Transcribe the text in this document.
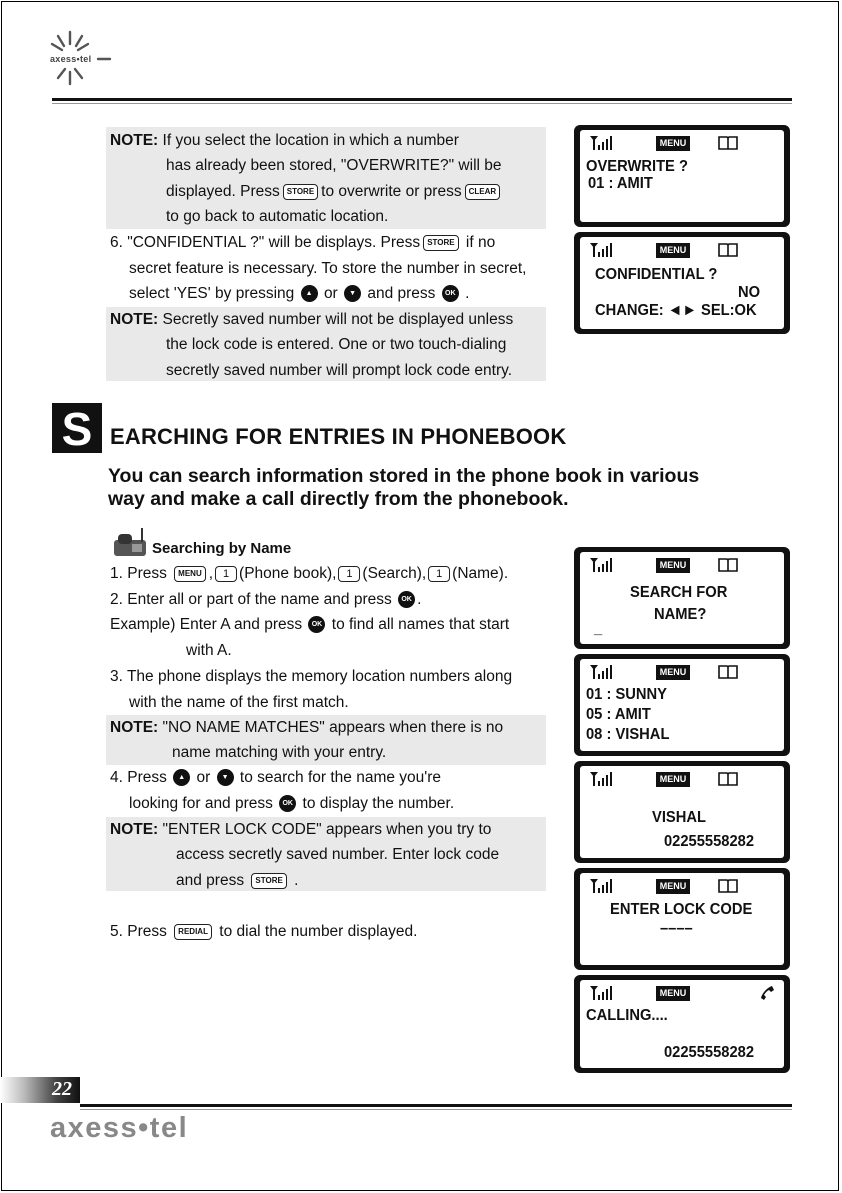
axess•tel
NOTE: If you select the location in which a number
has already been stored, "OVERWRITE?" will be
displayed. Press STORE to overwrite or press CLEAR
to go back to automatic location.
6. "CONFIDENTIAL ?" will be displays. Press STORE if no
secret feature is necessary. To store the number in secret,
select 'YES' by pressing ▲ or ▼ and press OK .
NOTE: Secretly saved number will not be displayed unless
the lock code is entered. One or two touch-dialing
secretly saved number will prompt lock code entry.
S EARCHING FOR ENTRIES IN PHONEBOOK
You can search information stored in the phone book in various
way and make a call directly from the phonebook.
Searching by Name
1. Press MENU , 1 (Phone book), 1 (Search), 1 (Name).
2. Enter all or part of the name and press OK .
Example) Enter A and press OK to find all names that start
with A.
3. The phone displays the memory location numbers along
with the name of the first match.
NOTE: "NO NAME MATCHES" appears when there is no
name matching with your entry.
4. Press ▲ or ▼ to search for the name you're
looking for and press OK to display the number.
NOTE: "ENTER LOCK CODE" appears when you try to
access secretly saved number. Enter lock code
and press STORE .
5. Press REDIAL to dial the number displayed.
MENU
OVERWRITE ?
01 : AMIT
MENU
CONFIDENTIAL ?
NO
CHANGE: ◄► SEL:OK
MENU
SEARCH FOR
NAME?
_
MENU
01 : SUNNY
05 : AMIT
08 : VISHAL
MENU
VISHAL
02255558282
MENU
ENTER LOCK CODE
––––
MENU
CALLING....
02255558282
22
axess•tel
